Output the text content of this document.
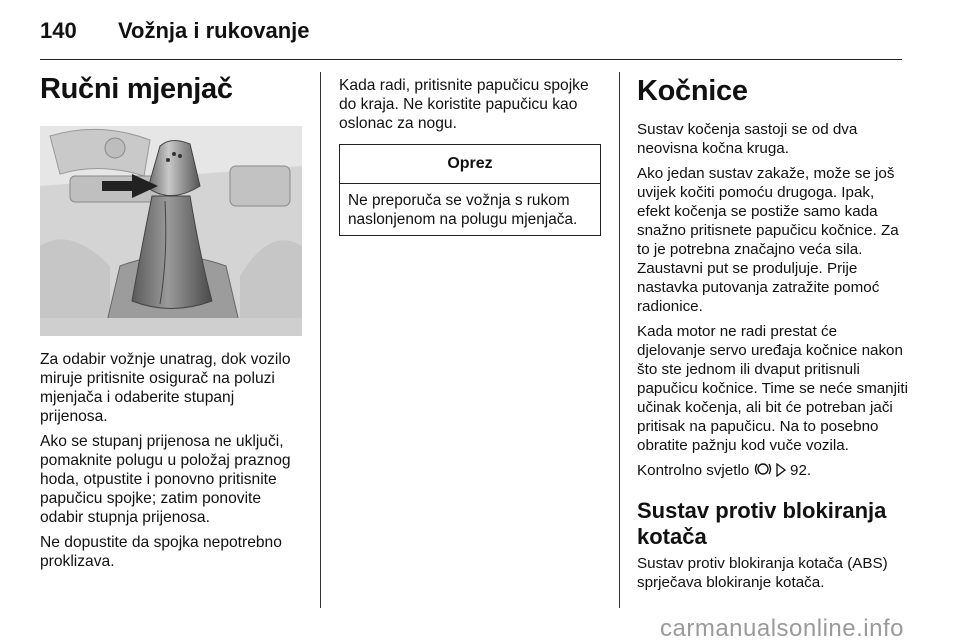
140 Vožnja i rukovanje
Ručni mjenjač

Za odabir vožnje unatrag, dok vozilo miruje pritisnite osigurač na poluzi mjenjača i odaberite stupanj prijenosa.

Ako se stupanj prijenosa ne uključi, pomaknite polugu u položaj praznog hoda, otpustite i ponovno pritisnite papučicu spojke; zatim ponovite odabir stupnja prijenosa.

Ne dopustite da spojka nepotrebno proklizava.

Kada radi, pritisnite papučicu spojke do kraja. Ne koristite papučicu kao oslonac za nogu.

Oprez
Ne preporuča se vožnja s rukom naslonjenom na polugu mjenjača.
Kočnice

Sustav kočenja sastoji se od dva neovisna kočna kruga.

Ako jedan sustav zakaže, može se još uvijek kočiti pomoću drugoga. Ipak, efekt kočenja se postiže samo kada snažno pritisnete papučicu kočnice. Za to je potrebna značajno veća sila. Zaustavni put se produljuje. Prije nastavka putovanja zatražite pomoć radionice.

Kada motor ne radi prestat će djelovanje servo uređaja kočnice nakon što ste jednom ili dvaput pritisnuli papučicu kočnice. Time se neće smanjiti učinak kočenja, ali bit će potreban jači pritisak na papučicu. Na to posebno obratite pažnju kod vuče vozila.

Kontrolno svjetlo	92.

Sustav protiv blokiranja kotača

Sustav protiv blokiranja kotača (ABS) sprječava blokiranje kotača.

carmanualsonline.info
